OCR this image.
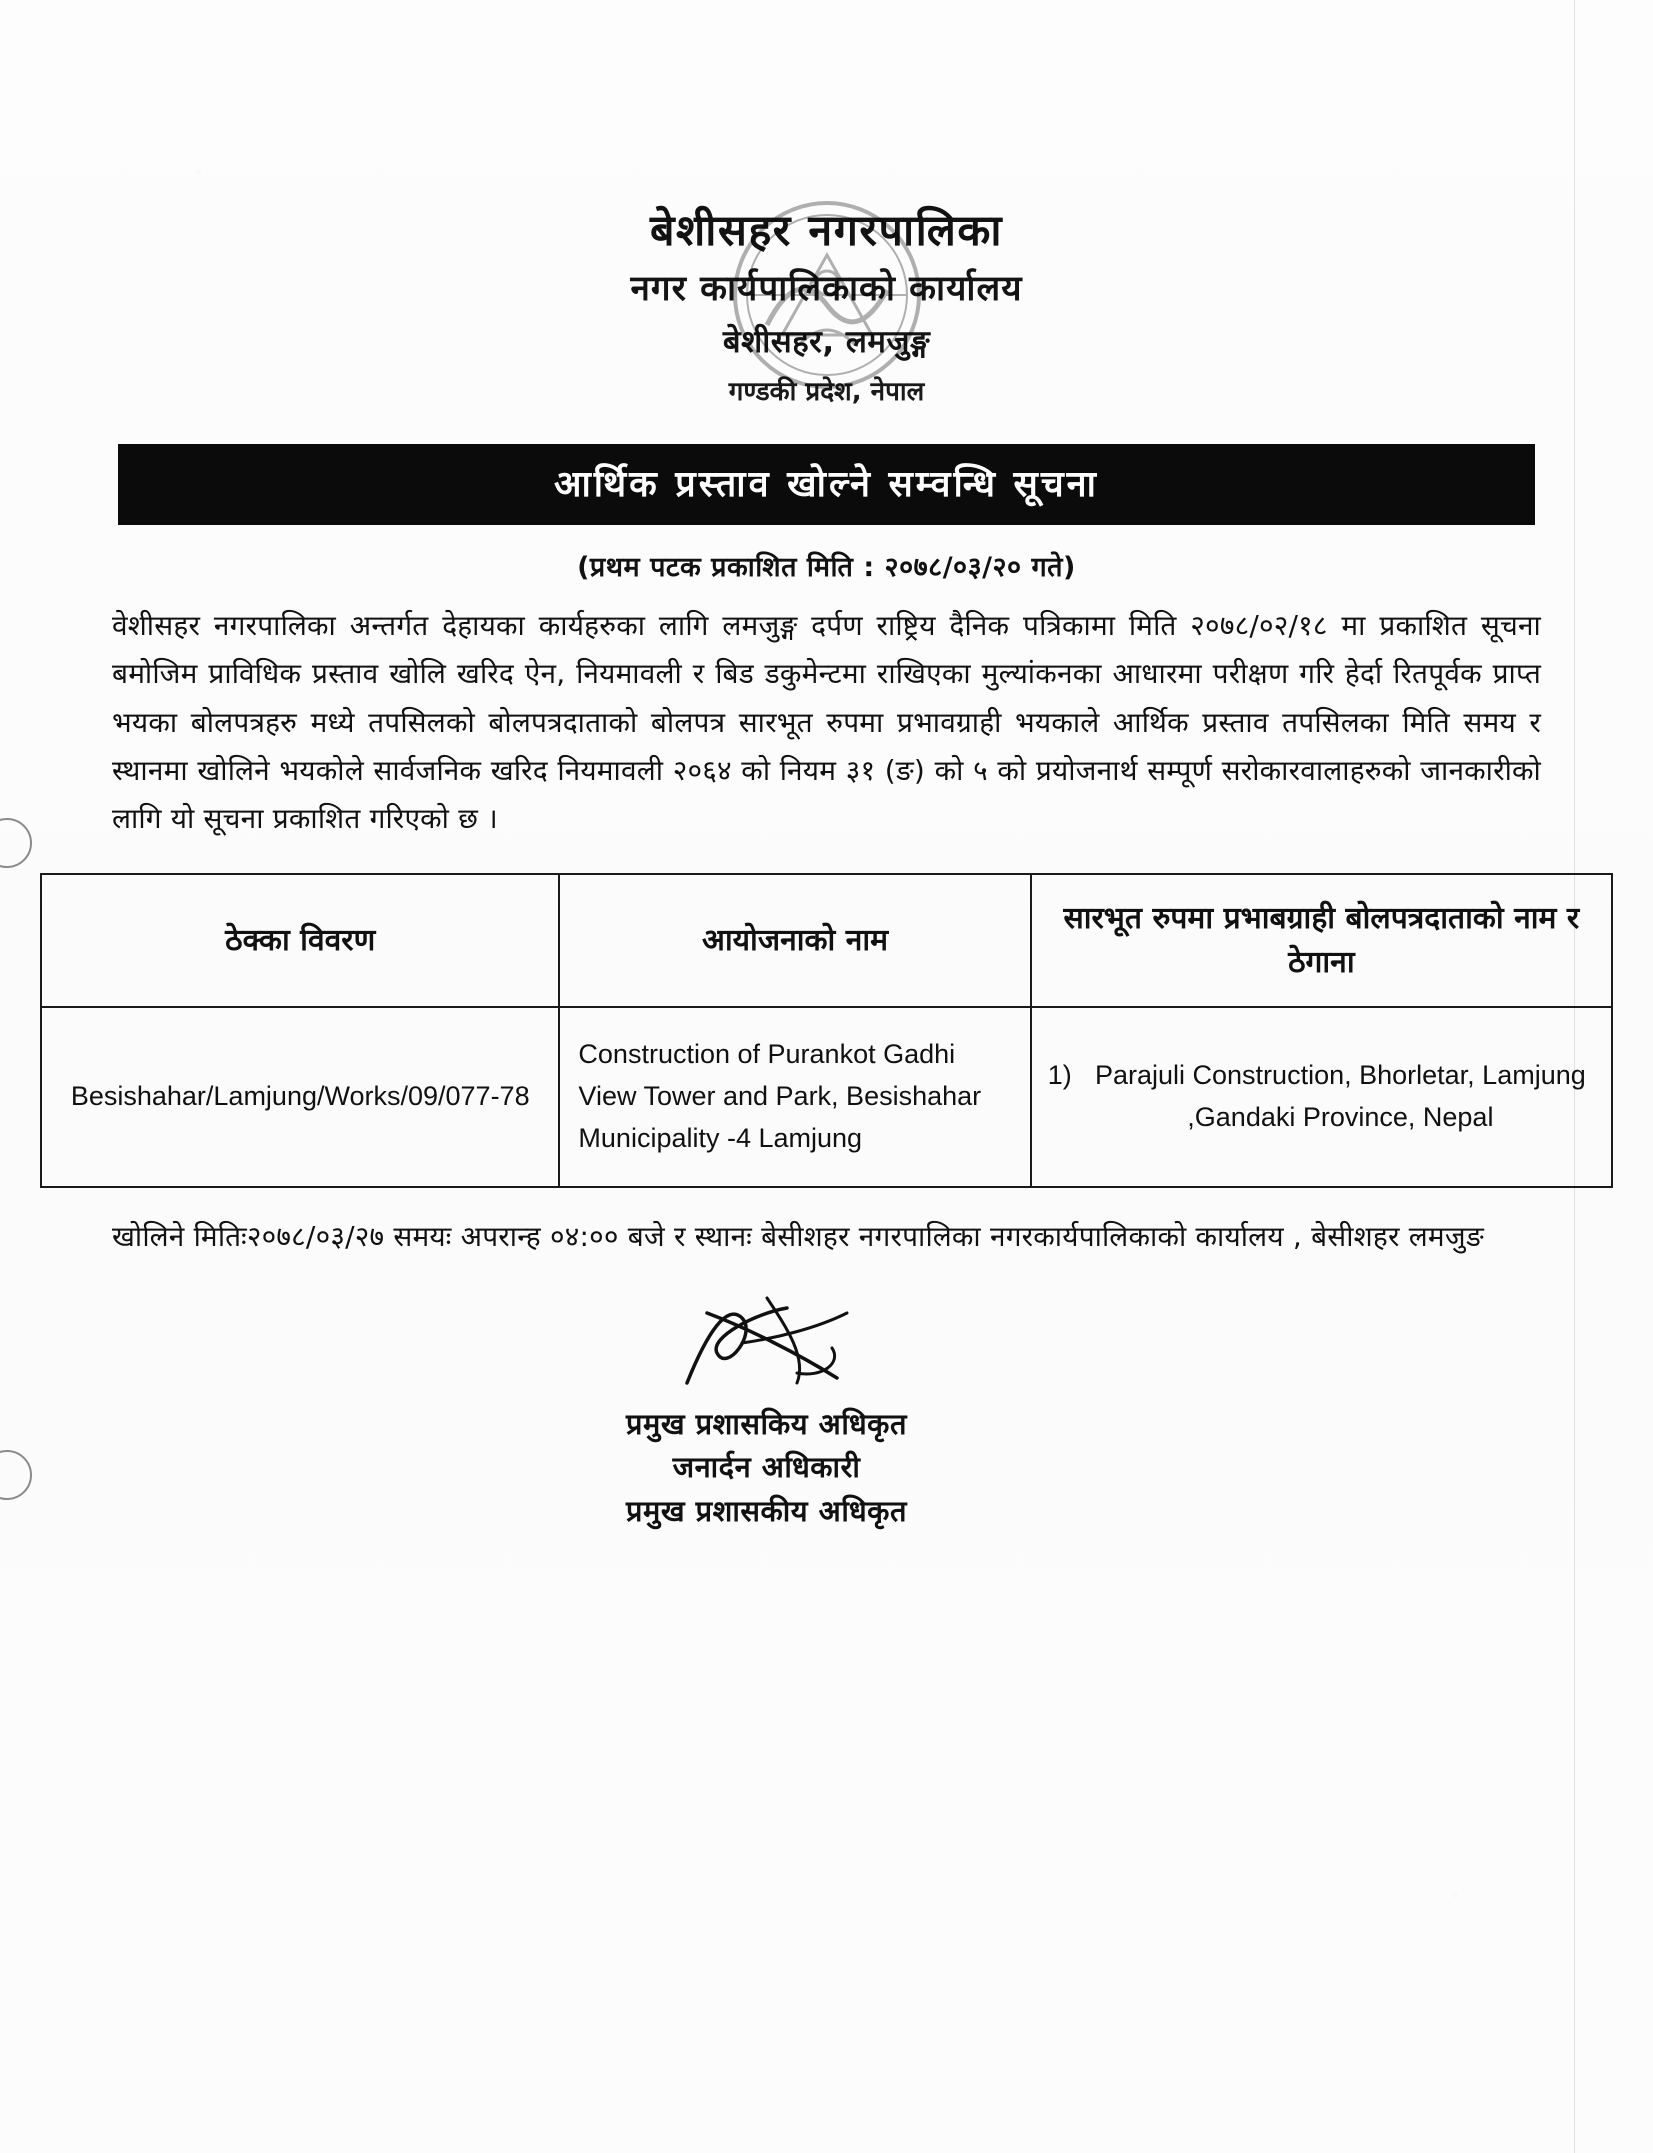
बेशीसहर नगरपालिका
नगर कार्यपालिकाको कार्यालय
बेशीसहर, लमजुङ्ग
गण्डकी प्रदेश, नेपाल
आर्थिक प्रस्ताव खोल्ने सम्वन्धि सूचना
(प्रथम पटक प्रकाशित मिति : २०७८/०३/२० गते)
वेशीसहर नगरपालिका अन्तर्गत देहायका कार्यहरुका लागि लमजुङ्ग दर्पण राष्ट्रिय दैनिक पत्रिकामा मिति २०७८/०२/१८ मा प्रकाशित सूचना बमोजिम प्राविधिक प्रस्ताव खोलि खरिद ऐन, नियमावली र बिड डकुमेन्टमा राखिएका मुल्यांकनका आधारमा परीक्षण गरि हेर्दा रितपूर्वक प्राप्त भयका बोलपत्रहरु मध्ये तपसिलको बोलपत्रदाताको बोलपत्र सारभूत रुपमा प्रभावग्राही भयकाले आर्थिक प्रस्ताव तपसिलका मिति समय र स्थानमा खोलिने भयकोले सार्वजनिक खरिद नियमावली २०६४ को नियम ३१ (ङ) को ५ को प्रयोजनार्थ सम्पूर्ण सरोकारवालाहरुको जानकारीको लागि यो सूचना प्रकाशित गरिएको छ ।
ठेक्का विवरण	आयोजनाको नाम	सारभूत रुपमा प्रभाबग्राही बोलपत्रदाताको नाम र ठेगाना
Besishahar/Lamjung/Works/09/077-78	Construction of Purankot Gadhi View Tower and Park, Besishahar Municipality -4 Lamjung	1) Parajuli Construction, Bhorletar, Lamjung ,Gandaki Province, Nepal
खोलिने मितिः२०७८/०३/२७ समयः अपरान्ह ०४:०० बजे र स्थानः बेसीशहर नगरपालिका नगरकार्यपालिकाको कार्यालय , बेसीशहर लमजुङ
प्रमुख प्रशासकिय अधिकृत
जनार्दन अधिकारी
प्रमुख प्रशासकीय अधिकृत
